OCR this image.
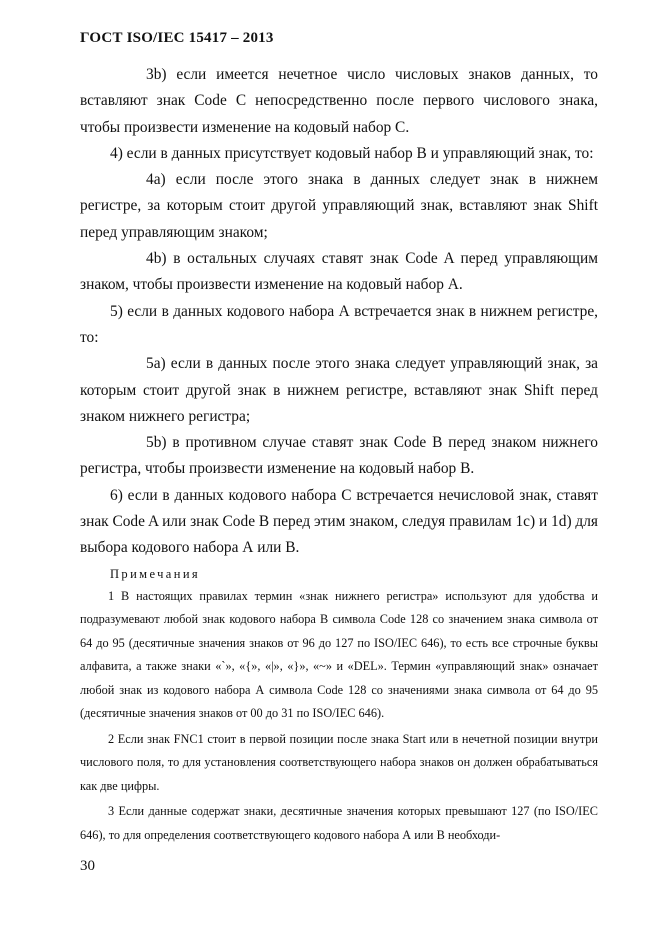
ГОСТ ISO/IEC 15417 – 2013

3b) если имеется нечетное число числовых знаков данных, то вставляют знак Code C непосредственно после первого числового знака, чтобы произвести изменение на кодовый набор С.

4) если в данных присутствует кодовый набор В и управляющий знак, то:

4а) если после этого знака в данных следует знак в нижнем регистре, за которым стоит другой управляющий знак, вставляют знак Shift перед управляющим знаком;

4b) в остальных случаях ставят знак Code A перед управляющим знаком, чтобы произвести изменение на кодовый набор А.

5) если в данных кодового набора А встречается знак в нижнем регистре, то:

5а) если в данных после этого знака следует управляющий знак, за которым стоит другой знак в нижнем регистре, вставляют знак Shift перед знаком нижнего регистра;

5b) в противном случае ставят знак Code B перед знаком нижнего регистра, чтобы произвести изменение на кодовый набор В.

6) если в данных кодового набора С встречается нечисловой знак, ставят знак Code A или знак Code B перед этим знаком, следуя правилам 1с) и 1d) для выбора кодового набора А или В.

Примечания

1 В настоящих правилах термин «знак нижнего регистра» используют для удобства и подразумевают любой знак кодового набора В символа Code 128 со значением знака символа от 64 до 95 (десятичные значения знаков от 96 до 127 по ISO/IEC 646), то есть все строчные буквы алфавита, а также знаки «`», «{», «|», «}», «~» и «DEL». Термин «управляющий знак» означает любой знак из кодового набора А символа Code 128 со значениями знака символа от 64 до 95 (десятичные значения знаков от 00 до 31 по ISO/IEC 646).

2 Если знак FNC1 стоит в первой позиции после знака Start или в нечетной позиции внутри числового поля, то для установления соответствующего набора знаков он должен обрабатываться как две цифры.

3 Если данные содержат знаки, десятичные значения которых превышают 127 (по ISO/IEC 646), то для определения соответствующего кодового набора А или В необходи-

30
